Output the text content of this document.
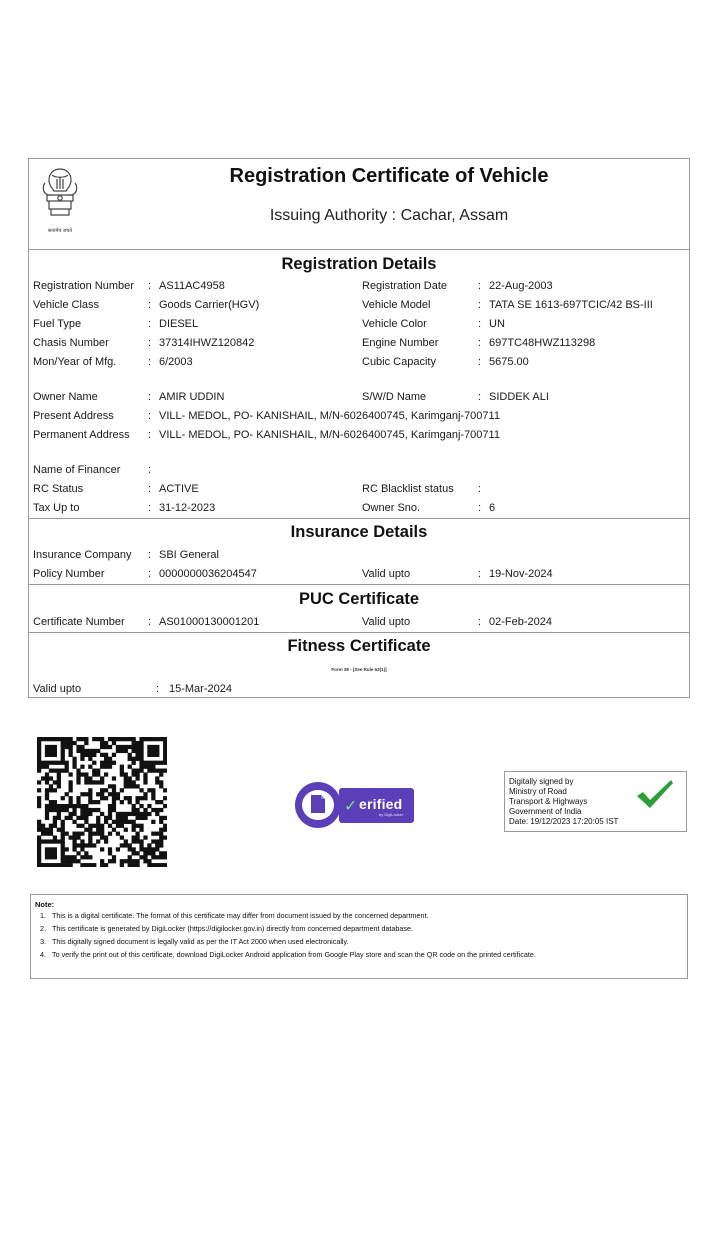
सत्यमेव जयते
Registration Certificate of Vehicle
Issuing Authority : Cachar, Assam
Registration Details
Registration Number : AS11AC4958	Registration Date	: 22-Aug-2003
Vehicle Class	: Goods Carrier(HGV)	Vehicle Model	: TATA SE 1613-697TCIC/42 BS-III
Fuel Type	: DIESEL	Vehicle Color	: UN
Chasis Number	: 37314IHWZ120842	Engine Number	: 697TC48HWZ113298
Mon/Year of Mfg.	: 6/2003	Cubic Capacity	: 5675.00
Owner Name	: AMIR UDDIN	S/W/D Name	: SIDDEK ALI
Present Address	: VILL- MEDOL, PO- KANISHAIL, M/N-6026400745, Karimganj-700711
Permanent Address : VILL- MEDOL, PO- KANISHAIL, M/N-6026400745, Karimganj-700711
Name of Financer	:
RC Status	: ACTIVE	RC Blacklist status :
Tax Up to	: 31-12-2023	Owner Sno.	: 6
Insurance Details
Insurance Company : SBI General
Policy Number	: 0000000036204547	Valid upto	: 19-Nov-2024
PUC Certificate
Certificate Number : AS01000130001201	Valid upto	: 02-Feb-2024
Fitness Certificate
Form 38 - [See Rule 62(1)]
Valid upto	: 15-Mar-2024
✓ erified
by DigiLocker
Digitally signed by
Ministry of Road
Transport & Highways
Government of India
Date: 19/12/2023 17:20:05 IST
Note:
1. This is a digital certificate. The format of this certificate may differ from document issued by the concerned department.
2. This certificate is generated by DigiLocker (https://digilocker.gov.in) directly from concerned department database.
3. This digitally signed document is legally valid as per the IT Act 2000 when used electronically.
4. To verify the print out of this certificate, download DigiLocker Android application from Google Play store and scan the QR code on the printed certificate.
